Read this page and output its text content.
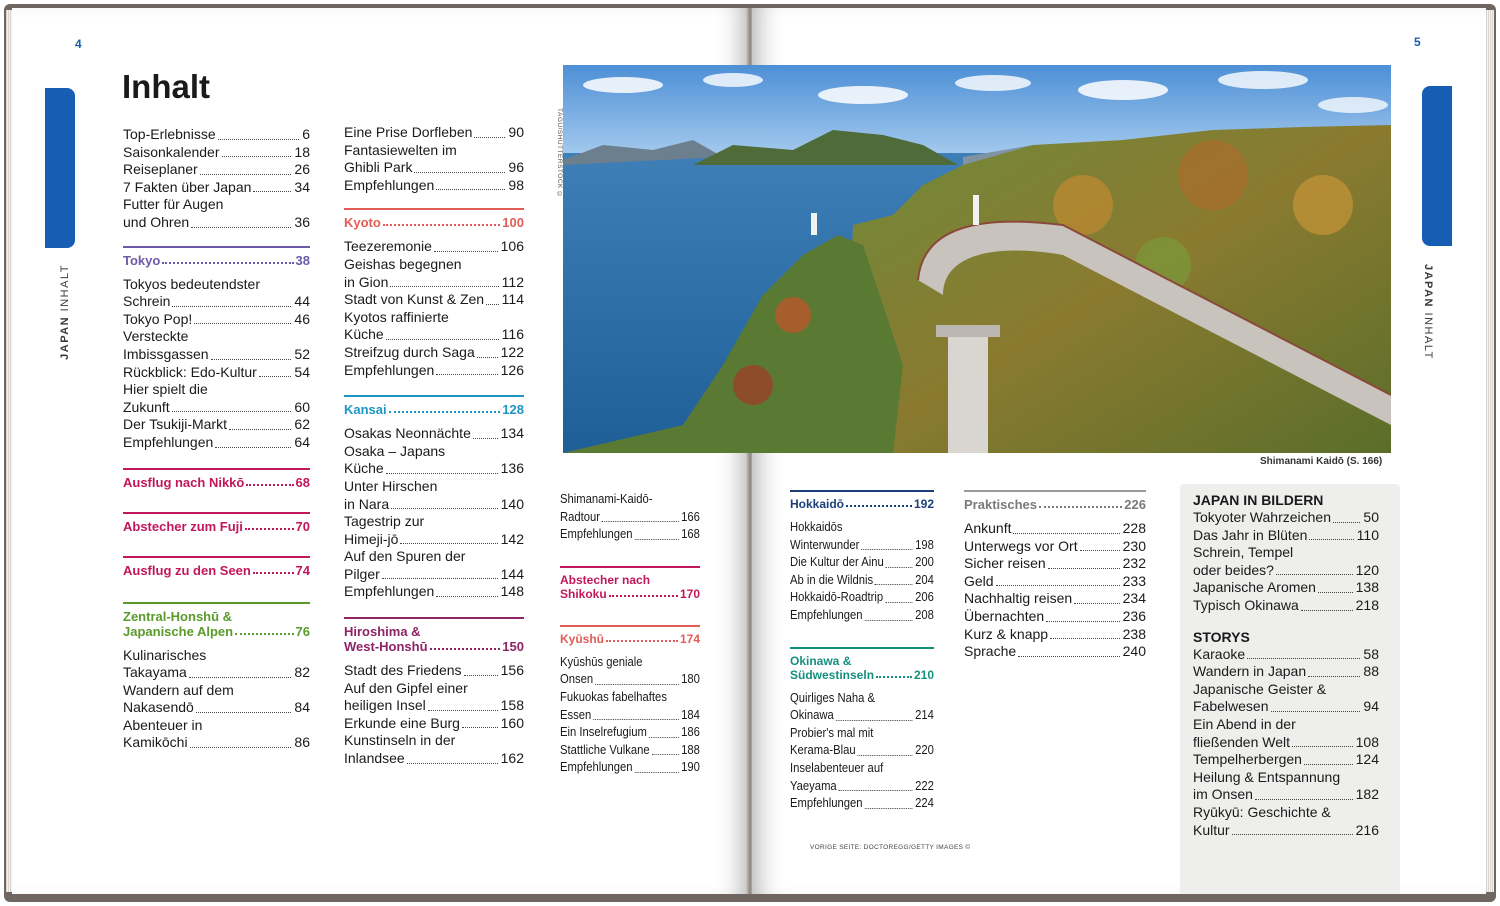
4
JAPAN INHALT
Inhalt
Top-Erlebnisse	6
Saisonkalender	18
Reiseplaner	26
7 Fakten über Japan	34
Futter für Augen
und Ohren	36
Tokyo	38
Tokyos bedeutendster
Schrein	44
Tokyo Pop!	46
Versteckte
Imbissgassen	52
Rückblick: Edo-Kultur	54
Hier spielt die
Zukunft	60
Der Tsukiji-Markt	62
Empfehlungen	64
Ausflug nach Nikkō	68
Abstecher zum Fuji	70
Ausflug zu den Seen	74
Zentral-Honshū &
Japanische Alpen	76
Kulinarisches
Takayama	82
Wandern auf dem
Nakasendō	84
Abenteuer in
Kamikōchi	86
Eine Prise Dorfleben	90
Fantasiewelten im
Ghibli Park	96
Empfehlungen	98
Kyoto	100
Teezeremonie	106
Geishas begegnen
in Gion	112
Stadt von Kunst & Zen 114
Kyotos raffinierte
Küche	116
Streifzug durch Saga 122
Empfehlungen	126
Kansai	128
Osakas Neonnächte 134
Osaka – Japans
Küche	136
Unter Hirschen
in Nara	140
Tagestrip zur
Himeji-jō	142
Auf den Spuren der
Pilger	144
Empfehlungen	148
Hiroshima &
West-Honshū	150
Stadt des Friedens	156
Auf den Gipfel einer
heiligen Insel	158
Erkunde eine Burg	160
Kunstinseln in der
Inlandsee	162
Shimanami-Kaidō-
Radtour	166
Empfehlungen	168
Abstecher nach
Shikoku	170
Kyūshū	174
Kyūshūs geniale
Onsen	180
Fukuokas fabelhaftes
Essen	184
Ein Inselrefugium	186
Stattliche Vulkane	188
Empfehlungen	190
TAGU/SHUTTERSTOCK ©
5
JAPAN INHALT
Shimanami Kaidō (S. 166)
Hokkaidō	192
Hokkaidōs
Winterwunder	198
Die Kultur der Ainu	200
Ab in die Wildnis	204
Hokkaidō-Roadtrip	206
Empfehlungen	208
Okinawa &
Südwestinseln	210
Quirliges Naha &
Okinawa	214
Probier's mal mit
Kerama-Blau	220
Inselabenteuer auf
Yaeyama	222
Empfehlungen	224
Praktisches	226
Ankunft	228
Unterwegs vor Ort	230
Sicher reisen	232
Geld	233
Nachhaltig reisen	234
Übernachten	236
Kurz & knapp	238
Sprache	240
JAPAN IN BILDERN
Tokyoter Wahrzeichen 50
Das Jahr in Blüten	110
Schrein, Tempel
oder beides?	120
Japanische Aromen	138
Typisch Okinawa	218
STORYS
Karaoke	58
Wandern in Japan	88
Japanische Geister &
Fabelwesen	94
Ein Abend in der
fließenden Welt	108
Tempelherbergen	124
Heilung & Entspannung
im Onsen	182
Ryūkyū: Geschichte &
Kultur	216
VORIGE SEITE: DOCTOREGG/GETTY IMAGES ©
